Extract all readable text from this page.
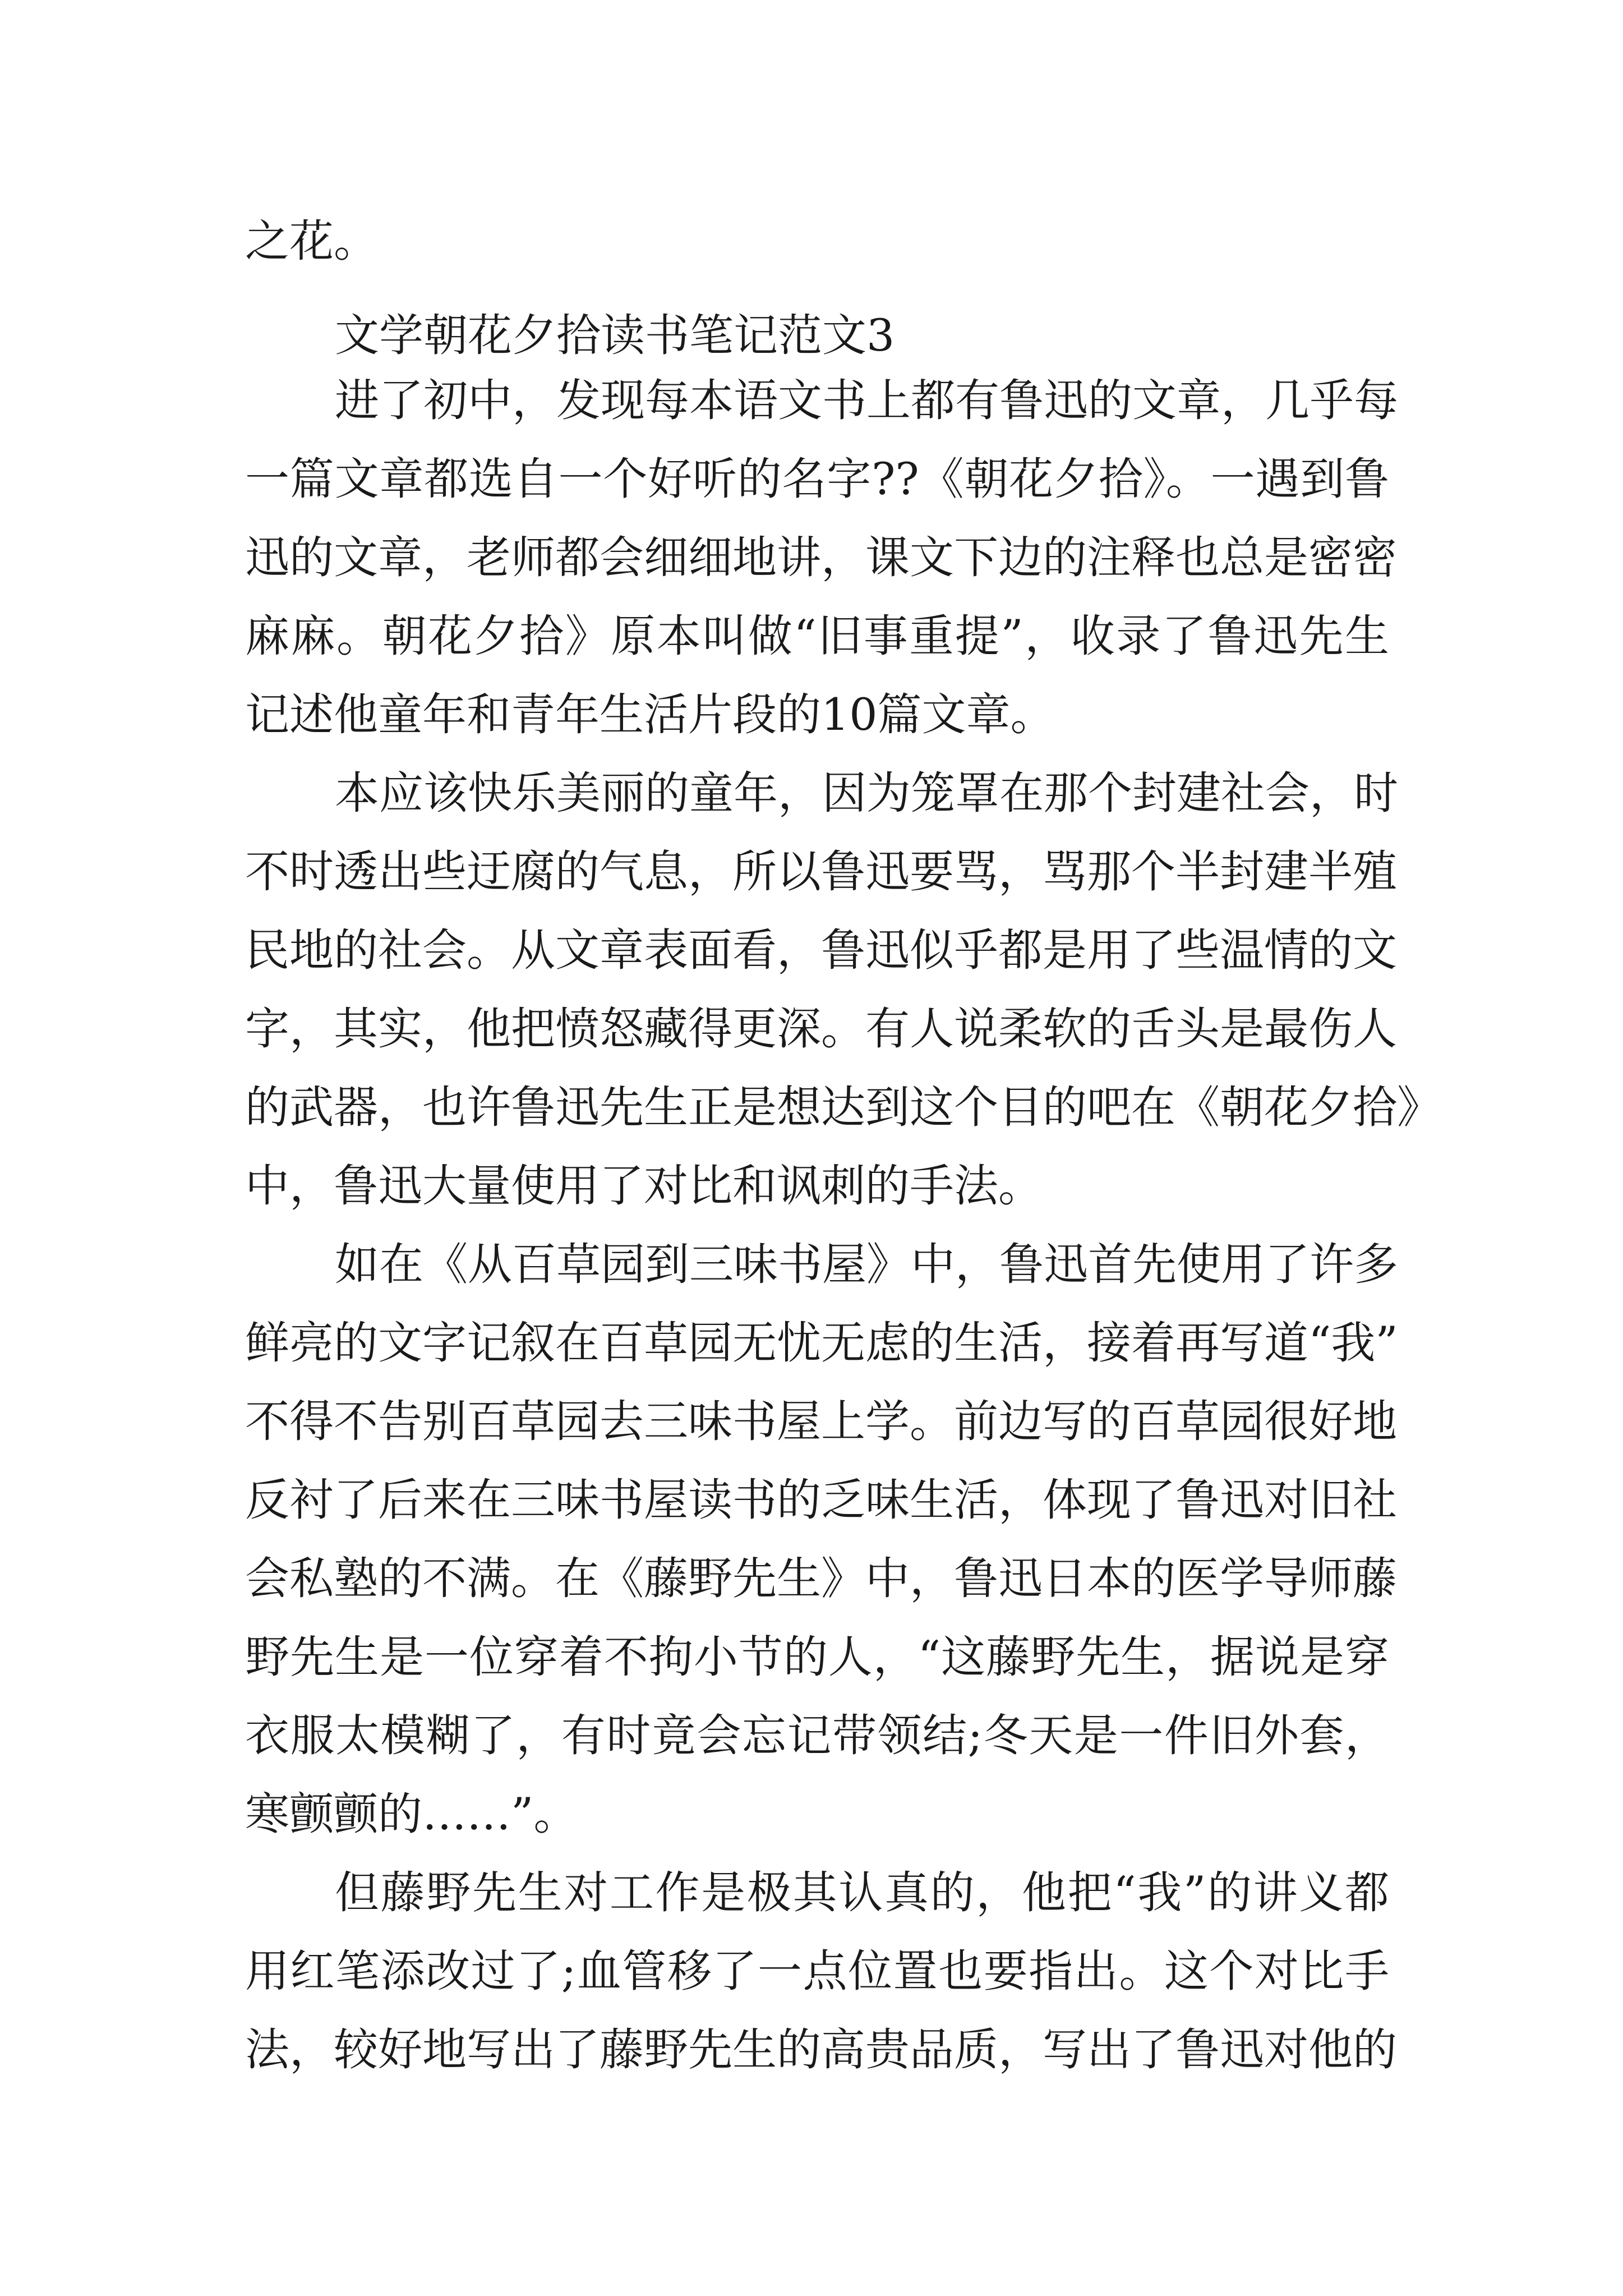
之花。
文学朝花夕拾读书笔记范文3
进了初中，发现每本语文书上都有鲁迅的文章，几乎每
一篇文章都选自一个好听的名字??《朝花夕拾》。一遇到鲁
迅的文章，老师都会细细地讲，课文下边的注释也总是密密
麻麻。朝花夕拾》原本叫做“旧事重提”，收录了鲁迅先生
记述他童年和青年生活片段的10篇文章。
本应该快乐美丽的童年，因为笼罩在那个封建社会，时
不时透出些迂腐的气息，所以鲁迅要骂，骂那个半封建半殖
民地的社会。从文章表面看，鲁迅似乎都是用了些温情的文
字，其实，他把愤怒藏得更深。有人说柔软的舌头是最伤人
的武器，也许鲁迅先生正是想达到这个目的吧在《朝花夕拾》
中，鲁迅大量使用了对比和讽刺的手法。
如在《从百草园到三味书屋》中，鲁迅首先使用了许多
鲜亮的文字记叙在百草园无忧无虑的生活，接着再写道“我”
不得不告别百草园去三味书屋上学。前边写的百草园很好地
反衬了后来在三味书屋读书的乏味生活，体现了鲁迅对旧社
会私塾的不满。在《藤野先生》中，鲁迅日本的医学导师藤
野先生是一位穿着不拘小节的人，“这藤野先生，据说是穿
衣服太模糊了，有时竟会忘记带领结;冬天是一件旧外套，
寒颤颤的……”。
但藤野先生对工作是极其认真的，他把“我”的讲义都
用红笔添改过了;血管移了一点位置也要指出。这个对比手
法，较好地写出了藤野先生的高贵品质，写出了鲁迅对他的
